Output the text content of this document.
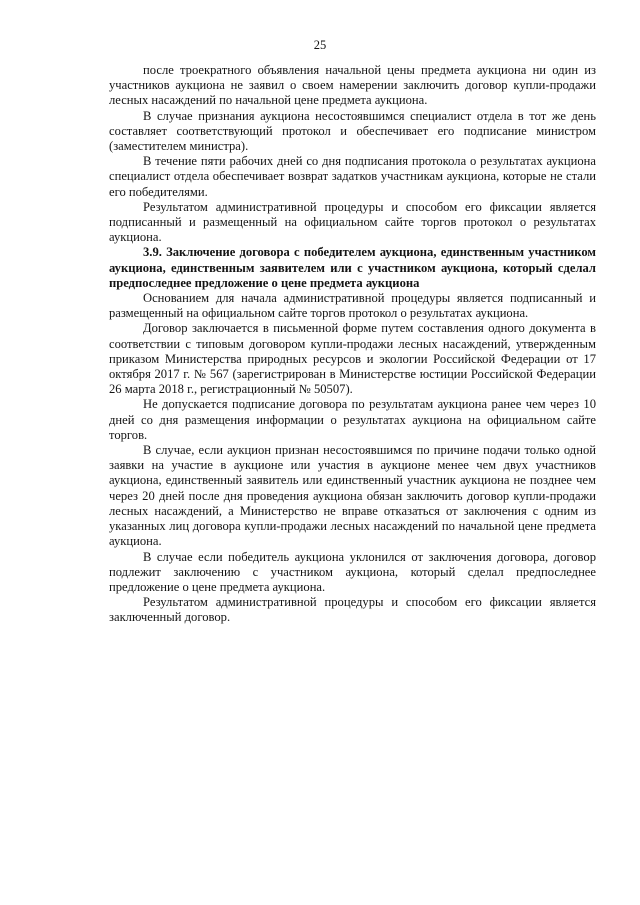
25

после троекратного объявления начальной цены предмета аукциона ни один из участников аукциона не заявил о своем намерении заключить договор купли-продажи лесных насаждений по начальной цене предмета аукциона.

В случае признания аукциона несостоявшимся специалист отдела в тот же день составляет соответствующий протокол и обеспечивает его подписание министром (заместителем министра).

В течение пяти рабочих дней со дня подписания протокола о результатах аукциона специалист отдела обеспечивает возврат задатков участникам аукциона, которые не стали его победителями.

Результатом административной процедуры и способом его фиксации является подписанный и размещенный на официальном сайте торгов протокол о результатах аукциона.

3.9. Заключение договора с победителем аукциона, единственным участником аукциона, единственным заявителем или с участником аукциона, который сделал предпоследнее предложение о цене предмета аукциона

Основанием для начала административной процедуры является подписанный и размещенный на официальном сайте торгов протокол о результатах аукциона.

Договор заключается в письменной форме путем составления одного документа в соответствии с типовым договором купли-продажи лесных насаждений, утвержденным приказом Министерства природных ресурсов и экологии Российской Федерации от 17 октября 2017 г. № 567 (зарегистрирован в Министерстве юстиции Российской Федерации 26 марта 2018 г., регистрационный № 50507).

Не допускается подписание договора по результатам аукциона ранее чем через 10 дней со дня размещения информации о результатах аукциона на официальном сайте торгов.

В случае, если аукцион признан несостоявшимся по причине подачи только одной заявки на участие в аукционе или участия в аукционе менее чем двух участников аукциона, единственный заявитель или единственный участник аукциона не позднее чем через 20 дней после дня проведения аукциона обязан заключить договор купли-продажи лесных насаждений, а Министерство не вправе отказаться от заключения с одним из указанных лиц договора купли-продажи лесных насаждений по начальной цене предмета аукциона.

В случае если победитель аукциона уклонился от заключения договора, договор подлежит заключению с участником аукциона, который сделал предпоследнее предложение о цене предмета аукциона.

Результатом административной процедуры и способом его фиксации является заключенный договор.
